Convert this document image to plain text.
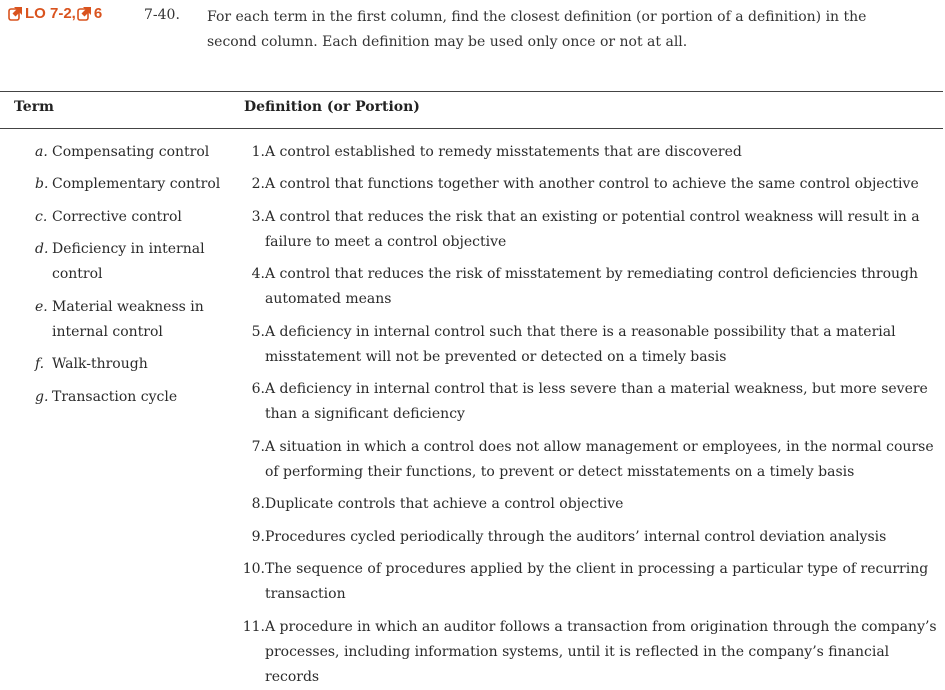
LO 7-2, 6	7-40. For each term in the first column, find the closest definition (or portion of a definition) in the second column. Each definition may be used only once or not at all.
Term	Definition (or Portion)
a. Compensating control
b. Complementary control
c. Corrective control
d. Deficiency in internal control
e. Material weakness in internal control
f. Walk-through
g. Transaction cycle
1. A control established to remedy misstatements that are discovered
2. A control that functions together with another control to achieve the same control objective
3. A control that reduces the risk that an existing or potential control weakness will result in a failure to meet a control objective
4. A control that reduces the risk of misstatement by remediating control deficiencies through automated means
5. A deficiency in internal control such that there is a reasonable possibility that a material misstatement will not be prevented or detected on a timely basis
6. A deficiency in internal control that is less severe than a material weakness, but more severe than a significant deficiency
7. A situation in which a control does not allow management or employees, in the normal course of performing their functions, to prevent or detect misstatements on a timely basis
8. Duplicate controls that achieve a control objective
9. Procedures cycled periodically through the auditors’ internal control deviation analysis
10. The sequence of procedures applied by the client in processing a particular type of recurring transaction
11. A procedure in which an auditor follows a transaction from origination through the company’s processes, including information systems, until it is reflected in the company’s financial records
